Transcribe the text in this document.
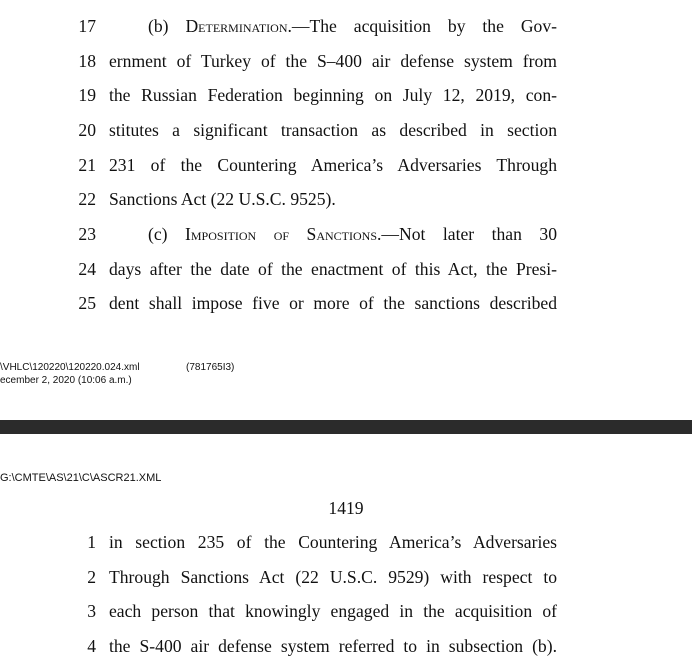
17	(b) Determination.—The acquisition by the Gov-
18 ernment of Turkey of the S–400 air defense system from
19 the Russian Federation beginning on July 12, 2019, con-
20 stitutes a significant transaction as described in section
21 231 of the Countering America’s Adversaries Through
22 Sanctions Act (22 U.S.C. 9525).
23	(c) Imposition of Sanctions.—Not later than 30
24 days after the date of the enactment of this Act, the Presi-
25 dent shall impose five or more of the sanctions described
\VHLC\120220\120220.024.xml
ecember 2, 2020 (10:06 a.m.)
(781765I3)
G:\CMTE\AS\21\C\ASCR21.XML
1419
1 in section 235 of the Countering America’s Adversaries
2 Through Sanctions Act (22 U.S.C. 9529) with respect to
3 each person that knowingly engaged in the acquisition of
4 the S-400 air defense system referred to in subsection (b).
